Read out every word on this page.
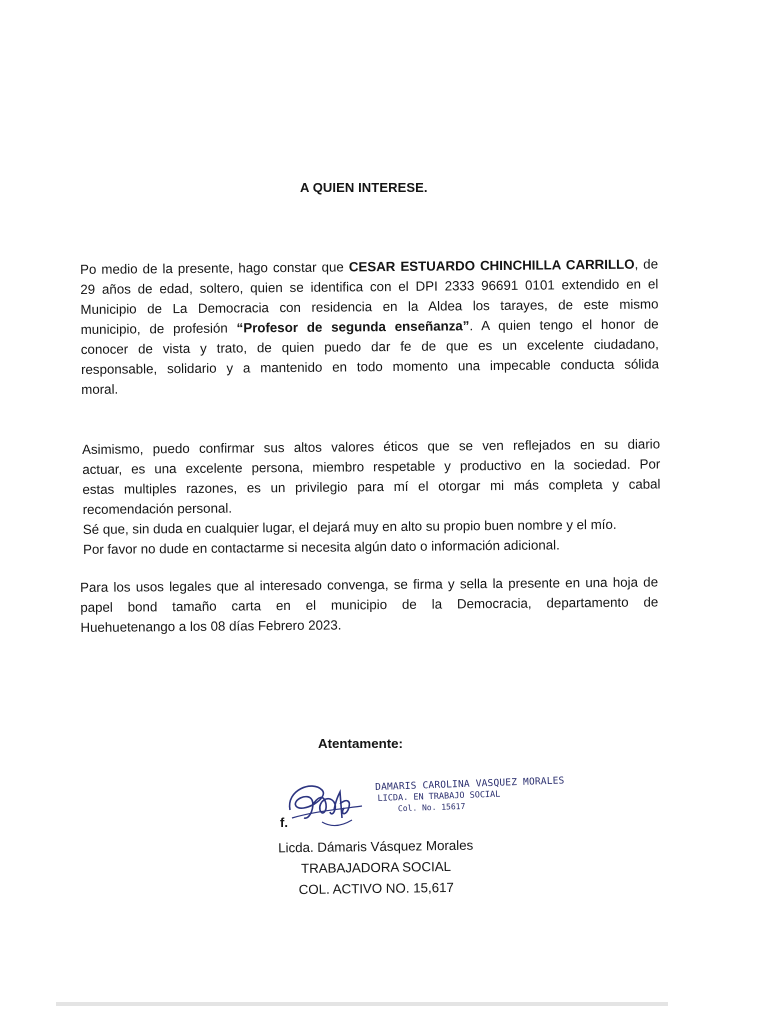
A QUIEN INTERESE.
Po medio de la presente, hago constar que CESAR ESTUARDO CHINCHILLA CARRILLO, de
29 años de edad, soltero, quien se identifica con el DPI 2333 96691 0101 extendido en el
Municipio de La Democracia con residencia en la Aldea los tarayes, de este mismo
municipio, de profesión “Profesor de segunda enseñanza”. A quien tengo el honor de
conocer de vista y trato, de quien puedo dar fe de que es un excelente ciudadano,
responsable, solidario y a mantenido en todo momento una impecable conducta sólida
moral.
Asimismo, puedo confirmar sus altos valores éticos que se ven reflejados en su diario
actuar, es una excelente persona, miembro respetable y productivo en la sociedad. Por
estas multiples razones, es un privilegio para mí el otorgar mi más completa y cabal
recomendación personal.
Sé que, sin duda en cualquier lugar, el dejará muy en alto su propio buen nombre y el mío.
Por favor no dude en contactarme si necesita algún dato o información adicional.
Para los usos legales que al interesado convenga, se firma y sella la presente en una hoja de
papel bond tamaño carta en el municipio de la Democracia, departamento de
Huehuetenango a los 08 días Febrero 2023.
Atentamente:
DAMARIS CAROLINA VASQUEZ MORALES
LICDA. EN TRABAJO SOCIAL
Col. No. 15617
f.
Licda. Dámaris Vásquez Morales
TRABAJADORA SOCIAL
COL. ACTIVO NO. 15,617
